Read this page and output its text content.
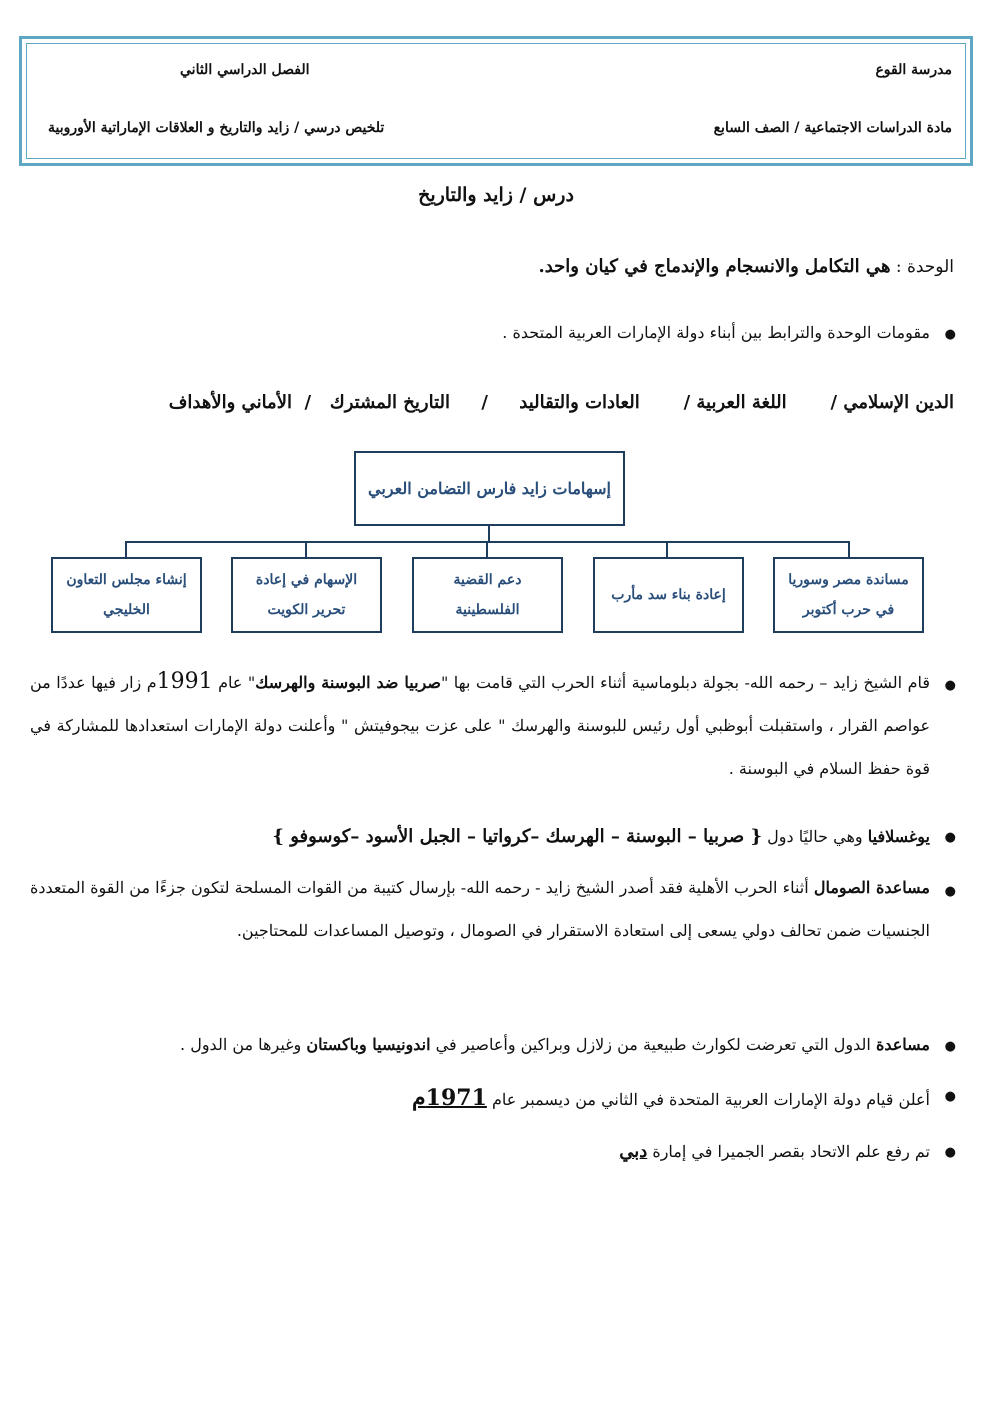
مدرسة القوع
الفصل الدراسي الثاني
مادة الدراسات الاجتماعية / الصف السابع
تلخيص درسي / زايد والتاريخ و العلاقات الإماراتية الأوروبية
درس / زايد والتاريخ
الوحدة : هي التكامل والانسجام والإندماج في كيان واحد.
● مقومات الوحدة والترابط بين أبناء دولة الإمارات العربية المتحدة .
الدين الإسلامي /       اللغة العربية /       العادات والتقاليد     /     التاريخ المشترك   /  الأماني والأهداف
إسهامات زايد فارس التضامن العربي
مساندة مصر وسوريا في حرب أكتوبر
إعادة بناء سد مأرب
دعم القضية الفلسطينية
الإسهام في إعادة تحرير الكويت
إنشاء مجلس التعاون الخليجي
● قام الشيخ زايد – رحمه الله- بجولة دبلوماسية أثناء الحرب التي قامت بها "صربيا ضد البوسنة والهرسك" عام 1991م زار فيها عددًا من عواصم القرار ، واستقبلت أبوظبي أول رئيس للبوسنة والهرسك " على عزت بيجوفيتش " وأعلنت دولة الإمارات استعدادها للمشاركة في قوة حفظ السلام في البوسنة .
● يوغسلافيا وهي حاليًا دول { صربيا – البوسنة – الهرسك –كرواتيا – الجبل الأسود –كوسوفو }
● مساعدة الصومال أثناء الحرب الأهلية فقد أصدر الشيخ زايد - رحمه الله- بإرسال كتيبة من القوات المسلحة لتكون جزءًا من القوة المتعددة الجنسيات ضمن تحالف دولي يسعى إلى استعادة الاستقرار في الصومال ، وتوصيل المساعدات للمحتاجين.
● مساعدة الدول التي تعرضت لكوارث طبيعية من زلازل وبراكين وأعاصير في اندونيسيا وباكستان وغيرها من الدول .
● أعلن قيام دولة الإمارات العربية المتحدة في الثاني من ديسمبر عام 1971م
● تم رفع علم الاتحاد بقصر الجميرا في إمارة دبي
